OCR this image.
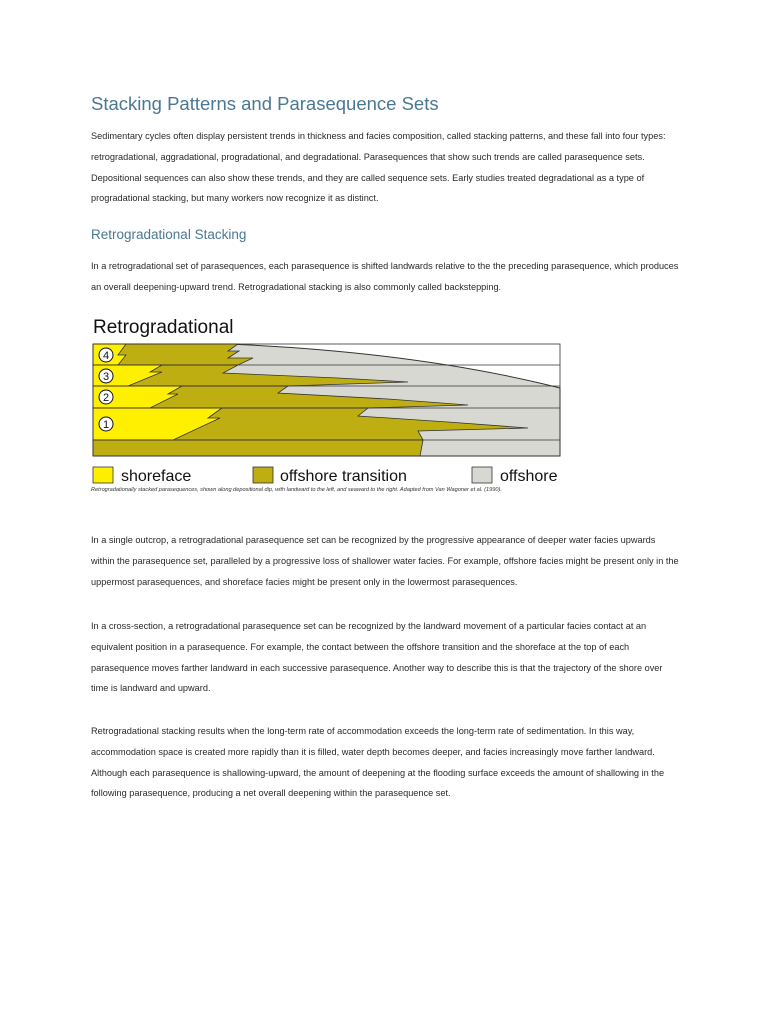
Stacking Patterns and Parasequence Sets

Sedimentary cycles often display persistent trends in thickness and facies composition, called stacking patterns, and these fall into four types: retrogradational, aggradational, progradational, and degradational. Parasequences that show such trends are called parasequence sets. Depositional sequences can also show these trends, and they are called sequence sets. Early studies treated degradational as a type of progradational stacking, but many workers now recognize it as distinct.

Retrogradational Stacking

In a retrogradational set of parasequences, each parasequence is shifted landwards relative to the the preceding parasequence, which produces an overall deepening-upward trend. Retrogradational stacking is also commonly called backstepping.

Retrogradational
4
3
2
1
shoreface	offshore transition	offshore
Retrogradationally stacked parasequences, shown along depositional dip, with landward to the left, and seaward to the right. Adapted from Van Wagoner et al. (1990).

In a single outcrop, a retrogradational parasequence set can be recognized by the progressive appearance of deeper water facies upwards within the parasequence set, paralleled by a progressive loss of shallower water facies. For example, offshore facies might be present only in the uppermost parasequences, and shoreface facies might be present only in the lowermost parasequences.

In a cross-section, a retrogradational parasequence set can be recognized by the landward movement of a particular facies contact at an equivalent position in a parasequence. For example, the contact between the offshore transition and the shoreface at the top of each parasequence moves farther landward in each successive parasequence. Another way to describe this is that the trajectory of the shore over time is landward and upward.

Retrogradational stacking results when the long-term rate of accommodation exceeds the long-term rate of sedimentation. In this way, accommodation space is created more rapidly than it is filled, water depth becomes deeper, and facies increasingly move farther landward. Although each parasequence is shallowing-upward, the amount of deepening at the flooding surface exceeds the amount of shallowing in the following parasequence, producing a net overall deepening within the parasequence set.
